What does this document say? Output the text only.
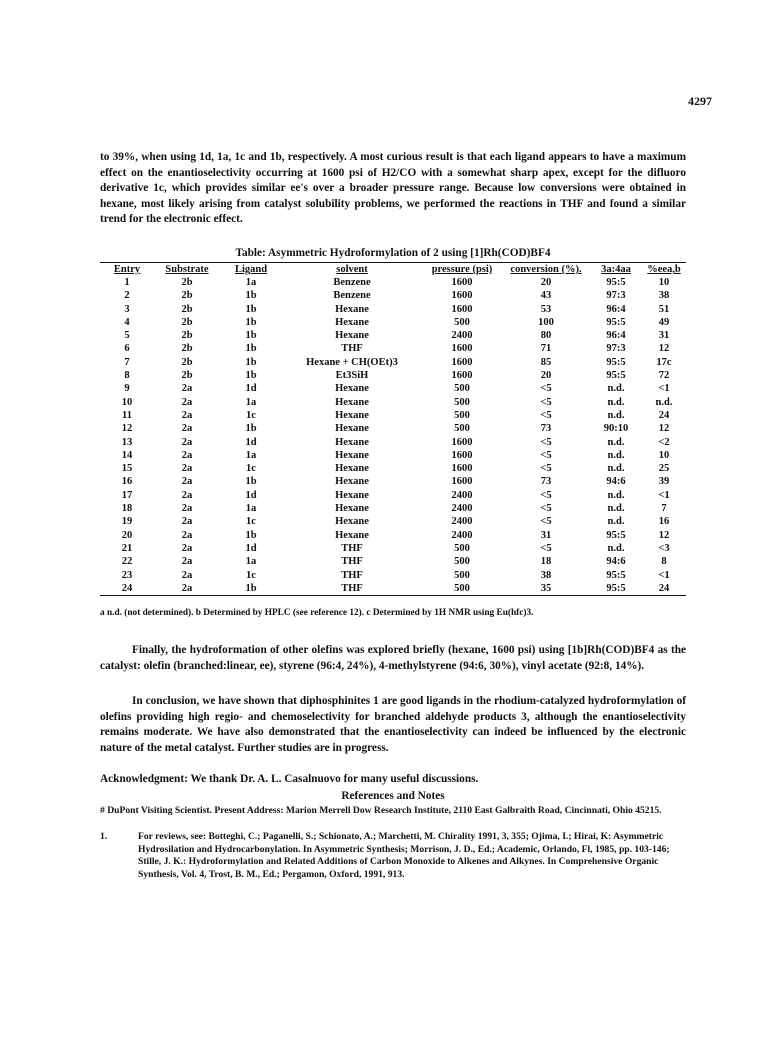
4297

to 39%, when using 1d, 1a, 1c and 1b, respectively. A most curious result is that each ligand appears to have a maximum effect on the enantioselectivity occurring at 1600 psi of H2/CO with a somewhat sharp apex, except for the difluoro derivative 1c, which provides similar ee's over a broader pressure range. Because low conversions were obtained in hexane, most likely arising from catalyst solubility problems, we performed the reactions in THF and found a similar trend for the electronic effect.

Table: Asymmetric Hydroformylation of 2 using [1]Rh(COD)BF4
Entry	Substrate	Ligand	solvent	pressure (psi)	conversion (%).	3a:4aa	%eea,b
1	2b	1a	Benzene	1600	20	95:5	10
2	2b	1b	Benzene	1600	43	97:3	38
3	2b	1b	Hexane	1600	53	96:4	51
4	2b	1b	Hexane	500	100	95:5	49
5	2b	1b	Hexane	2400	80	96:4	31
6	2b	1b	THF	1600	71	97:3	12
7	2b	1b	Hexane + CH(OEt)3	1600	85	95:5	17c
8	2b	1b	Et3SiH	1600	20	95:5	72
9	2a	1d	Hexane	500	<5	n.d.	<1
10	2a	1a	Hexane	500	<5	n.d.	n.d.
11	2a	1c	Hexane	500	<5	n.d.	24
12	2a	1b	Hexane	500	73	90:10	12
13	2a	1d	Hexane	1600	<5	n.d.	<2
14	2a	1a	Hexane	1600	<5	n.d.	10
15	2a	1c	Hexane	1600	<5	n.d.	25
16	2a	1b	Hexane	1600	73	94:6	39
17	2a	1d	Hexane	2400	<5	n.d.	<1
18	2a	1a	Hexane	2400	<5	n.d.	7
19	2a	1c	Hexane	2400	<5	n.d.	16
20	2a	1b	Hexane	2400	31	95:5	12
21	2a	1d	THF	500	<5	n.d.	<3
22	2a	1a	THF	500	18	94:6	8
23	2a	1c	THF	500	38	95:5	<1
24	2a	1b	THF	500	35	95:5	24
a n.d. (not determined). b Determined by HPLC (see reference 12). c Determined by 1H NMR using Eu(hfc)3.

Finally, the hydroformation of other olefins was explored briefly (hexane, 1600 psi) using [1b]Rh(COD)BF4 as the catalyst: olefin (branched:linear, ee), styrene (96:4, 24%), 4-methylstyrene (94:6, 30%), vinyl acetate (92:8, 14%).

In conclusion, we have shown that diphosphinites 1 are good ligands in the rhodium-catalyzed hydroformylation of olefins providing high regio- and chemoselectivity for branched aldehyde products 3, although the enantioselectivity remains moderate. We have also demonstrated that the enantioselectivity can indeed be influenced by the electronic nature of the metal catalyst. Further studies are in progress.

Acknowledgment: We thank Dr. A. L. Casalnuovo for many useful discussions.

References and Notes

# DuPont Visiting Scientist. Present Address: Marion Merrell Dow Research Institute, 2110 East Galbraith Road, Cincinnati, Ohio 45215.

1.	For reviews, see: Botteghi, C.; Paganelli, S.; Schionato, A.; Marchetti, M. Chirality 1991, 3, 355; Ojima, I.; Hirai, K: Asymmetric Hydrosilation and Hydrocarbonylation. In Asymmetric Synthesis; Morrison, J. D., Ed.; Academic, Orlando, Fl, 1985, pp. 103-146; Stille, J. K.: Hydroformylation and Related Additions of Carbon Monoxide to Alkenes and Alkynes. In Comprehensive Organic Synthesis, Vol. 4, Trost, B. M., Ed.; Pergamon, Oxford, 1991, 913.
